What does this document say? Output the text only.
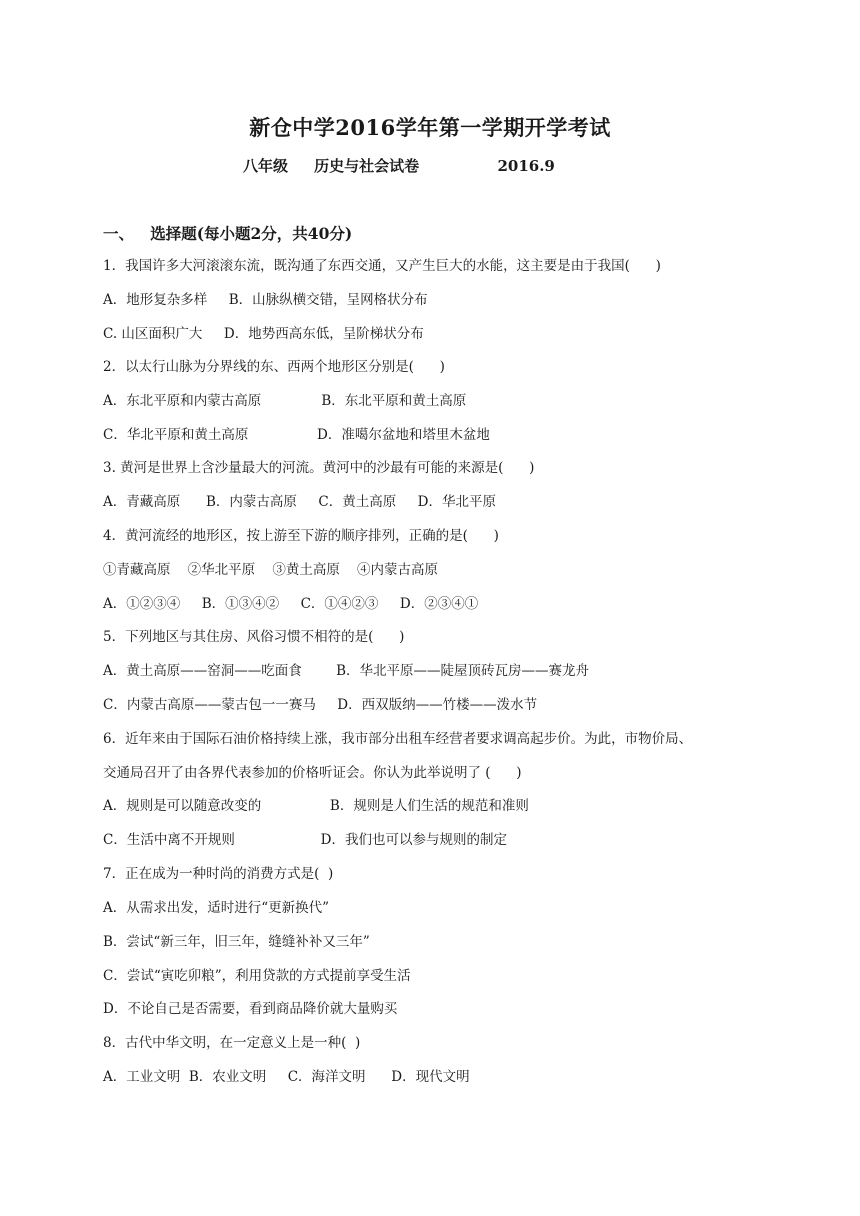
新仓中学2016学年第一学期开学考试
八年级     历史与社会试卷               2016.9
一、   选择题(每小题2分，共40分)
1．我国许多大河滚滚东流，既沟通了东西交通，又产生巨大的水能，这主要是由于我国(      )
A．地形复杂多样     B．山脉纵横交错，呈网格状分布
C. 山区面积广大     D．地势西高东低，呈阶梯状分布
2．以太行山脉为分界线的东、西两个地形区分别是(      )
A．东北平原和内蒙古高原              B．东北平原和黄土高原
C．华北平原和黄土高原                D．准噶尔盆地和塔里木盆地
3. 黄河是世界上含沙量最大的河流。黄河中的沙最有可能的来源是(      )
A．青藏高原      B．内蒙古高原     C．黄土高原     D．华北平原
4．黄河流经的地形区，按上游至下游的顺序排列，正确的是(      )
①青藏高原    ②华北平原    ③黄土高原    ④内蒙古高原
A．①②③④     B．①③④②     C．①④②③     D．②③④①
5．下列地区与其住房、风俗习惯不相符的是(      )
A．黄土高原——窑洞——吃面食        B．华北平原——陡屋顶砖瓦房——赛龙舟
C．内蒙古高原——蒙古包一一赛马     D．西双版纳——竹楼——泼水节
6．近年来由于国际石油价格持续上涨，我市部分出租车经营者要求调高起步价。为此，市物价局、
交通局召开了由各界代表参加的价格听证会。你认为此举说明了 (      )
A．规则是可以随意改变的                B．规则是人们生活的规范和准则
C．生活中离不开规则                    D．我们也可以参与规则的制定
7．正在成为一种时尚的消费方式是(  )
A．从需求出发，适时进行“更新换代”
B．尝试“新三年，旧三年，缝缝补补又三年”
C．尝试“寅吃卯粮”，利用贷款的方式提前享受生活
D．不论自己是否需要，看到商品降价就大量购买
8．古代中华文明，在一定意义上是一种(  )
A．工业文明  B．农业文明     C．海洋文明      D．现代文明
